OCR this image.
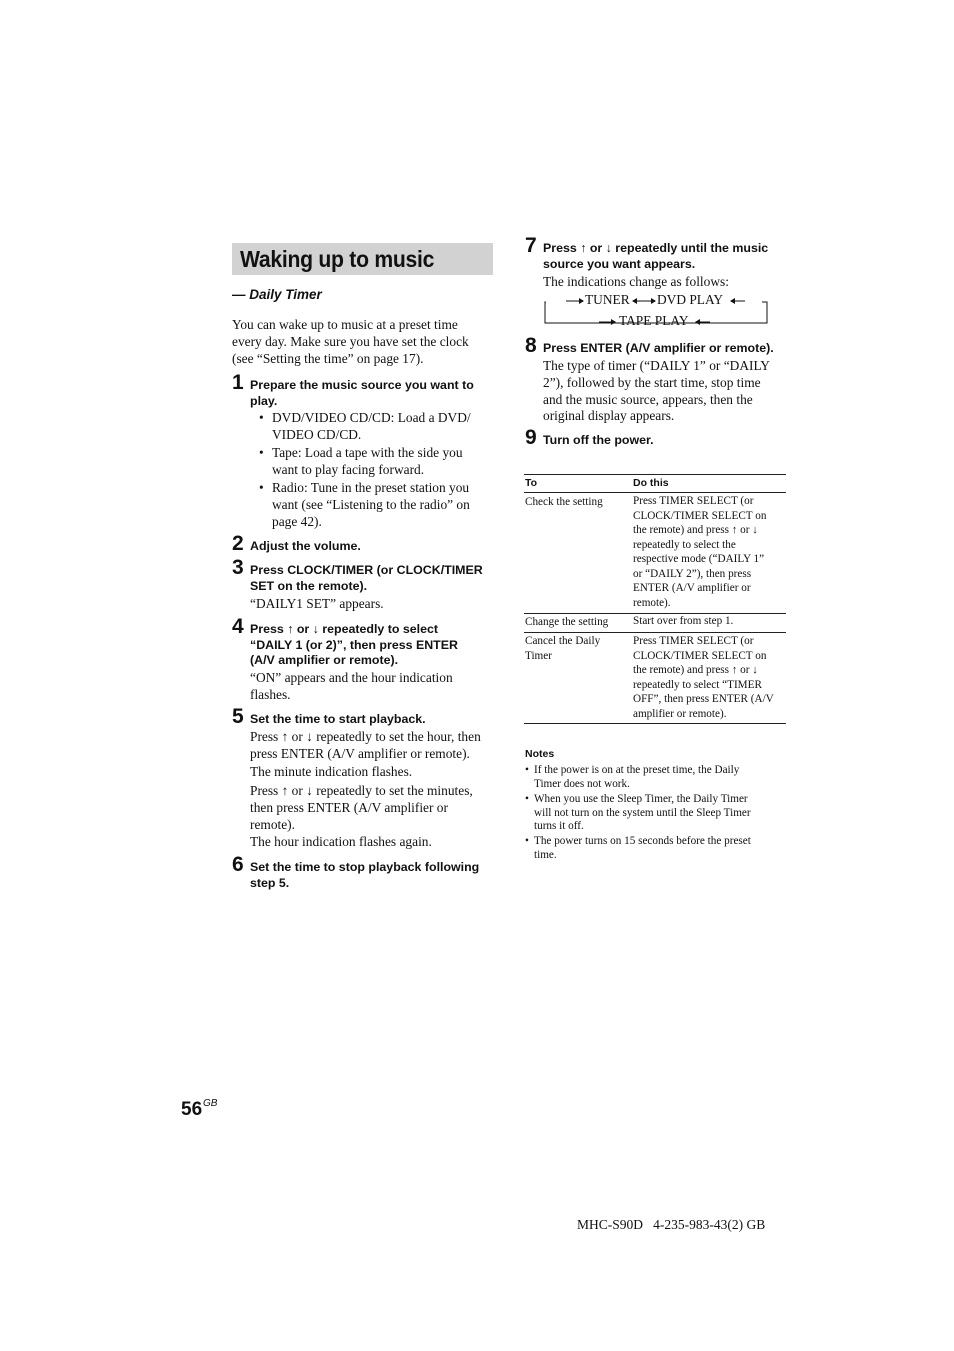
Waking up to music
— Daily Timer
You can wake up to music at a preset time
every day. Make sure you have set the clock
(see “Setting the time” on page 17).
1 Prepare the music source you want to
play.
• DVD/VIDEO CD/CD: Load a DVD/
VIDEO CD/CD.
• Tape: Load a tape with the side you
want to play facing forward.
• Radio: Tune in the preset station you
want (see “Listening to the radio” on
page 42).
2 Adjust the volume.
3 Press CLOCK/TIMER (or CLOCK/TIMER
SET on the remote).
“DAILY1 SET” appears.
4 Press ↑ or ↓ repeatedly to select
“DAILY 1 (or 2)”, then press ENTER
(A/V amplifier or remote).
“ON” appears and the hour indication
flashes.
5 Set the time to start playback.
Press ↑ or ↓ repeatedly to set the hour, then
press ENTER (A/V amplifier or remote).
The minute indication flashes.
Press ↑ or ↓ repeatedly to set the minutes,
then press ENTER (A/V amplifier or
remote).
The hour indication flashes again.
6 Set the time to stop playback following
step 5.
7 Press ↑ or ↓ repeatedly until the music
source you want appears.
The indications change as follows:
TUNER DVD PLAY
TAPE PLAY
8 Press ENTER (A/V amplifier or remote).
The type of timer (“DAILY 1” or “DAILY
2”), followed by the start time, stop time
and the music source, appears, then the
original display appears.
9 Turn off the power.
To	Do this
Check the setting	Press TIMER SELECT (or
CLOCK/TIMER SELECT on
the remote) and press ↑ or ↓
repeatedly to select the
respective mode (“DAILY 1”
or “DAILY 2”), then press
ENTER (A/V amplifier or
remote).
Change the setting Start over from step 1.
Cancel the Daily
Timer
Press TIMER SELECT (or
CLOCK/TIMER SELECT on
the remote) and press ↑ or ↓
repeatedly to select “TIMER
OFF”, then press ENTER (A/V
amplifier or remote).
Notes
• If the power is on at the preset time, the Daily
Timer does not work.
• When you use the Sleep Timer, the Daily Timer
will not turn on the system until the Sleep Timer
turns it off.
• The power turns on 15 seconds before the preset
time.
56 GB
MHC-S90D   4-235-983-43(2) GB
